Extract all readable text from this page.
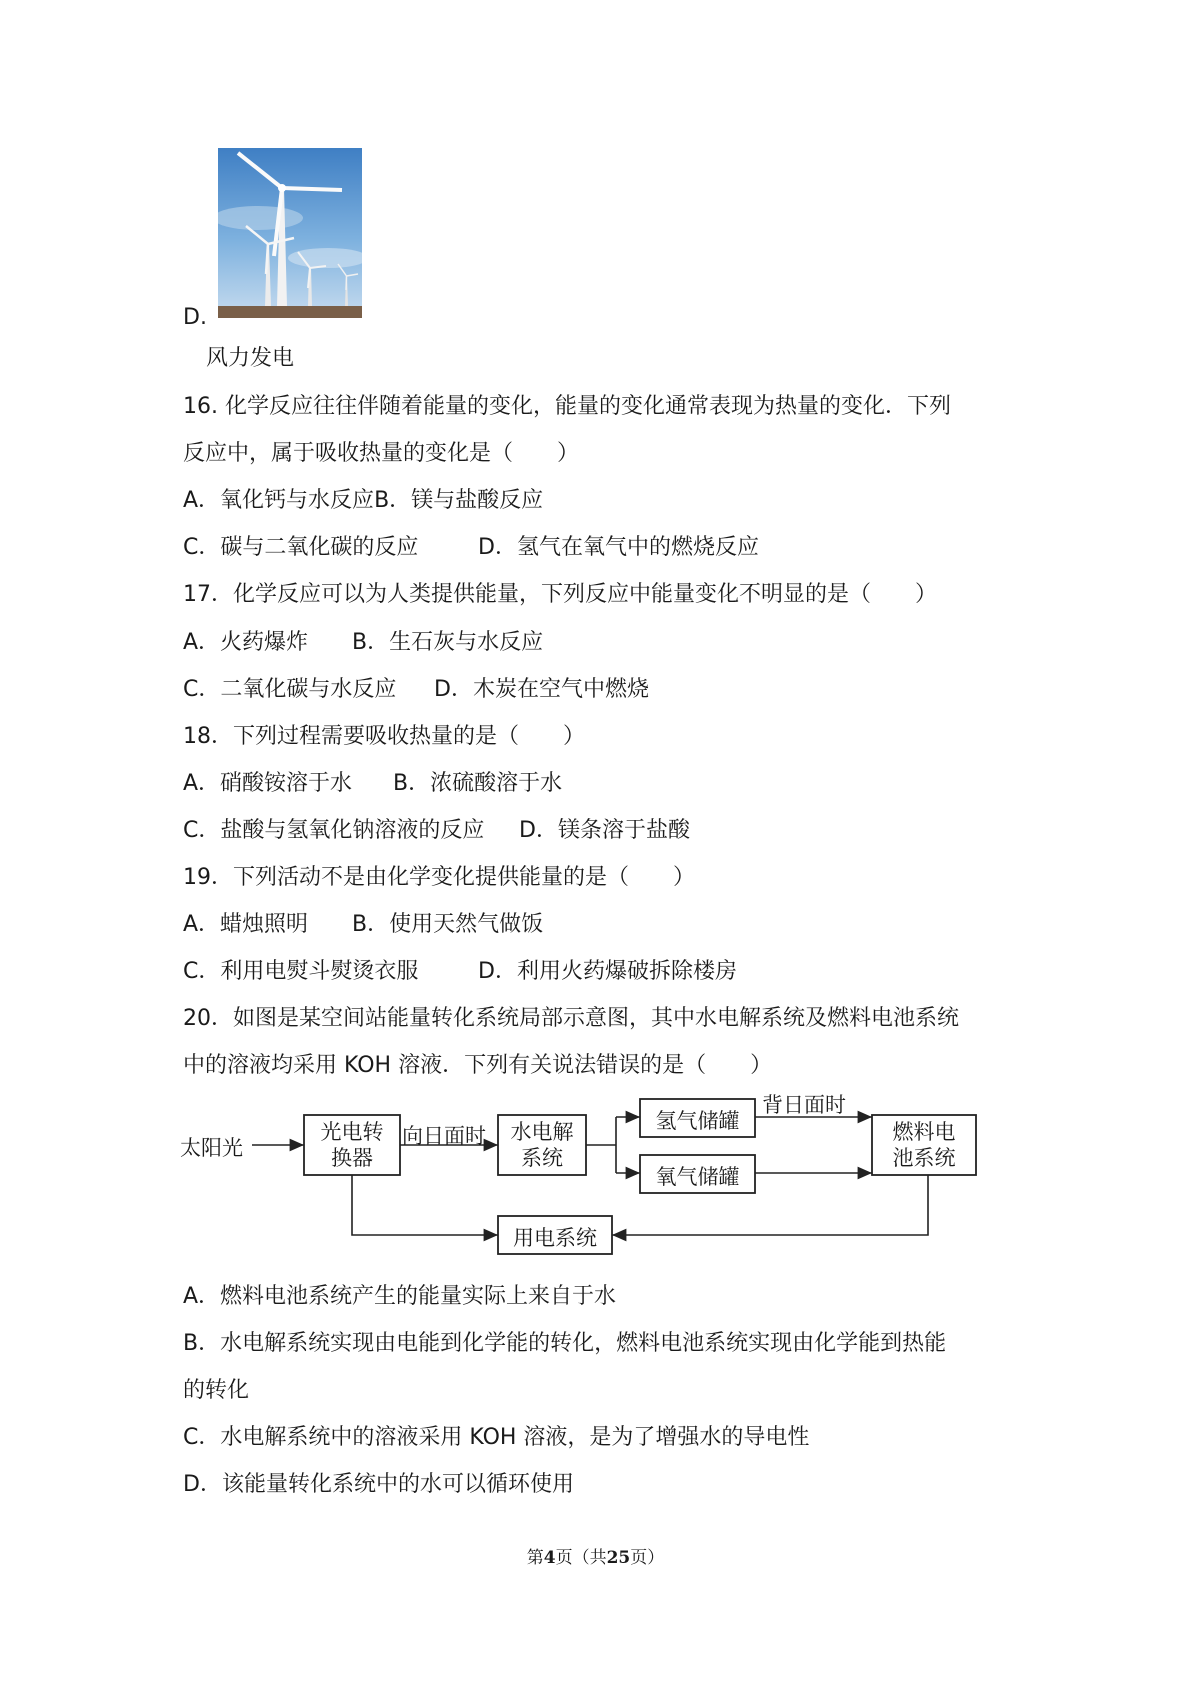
D.
风力发电
16. 化学反应往往伴随着能量的变化，能量的变化通常表现为热量的变化．下列
反应中，属于吸收热量的变化是（　　）
A．氧化钙与水反应B．镁与盐酸反应
C．碳与二氧化碳的反应	D．氢气在氧气中的燃烧反应
17．化学反应可以为人类提供能量，下列反应中能量变化不明显的是（　　）
A．火药爆炸 B．生石灰与水反应
C．二氧化碳与水反应 D．木炭在空气中燃烧
18．下列过程需要吸收热量的是（　　）
A．硝酸铵溶于水 B．浓硫酸溶于水
C．盐酸与氢氧化钠溶液的反应 D．镁条溶于盐酸
19．下列活动不是由化学变化提供能量的是（　　）
A．蜡烛照明 B．使用天然气做饭
C．利用电熨斗熨烫衣服	D．利用火药爆破拆除楼房
20．如图是某空间站能量转化系统局部示意图，其中水电解系统及燃料电池系统
中的溶液均采用 KOH 溶液．下列有关说法错误的是（　　）
太阳光
光电转
换器
向日面时	水电解
系统
氢气储罐
氧气储罐
背日面时
燃料电
池系统
用电系统
A．燃料电池系统产生的能量实际上来自于水
B．水电解系统实现由电能到化学能的转化，燃料电池系统实现由化学能到热能
的转化
C．水电解系统中的溶液采用 KOH 溶液，是为了增强水的导电性
D．该能量转化系统中的水可以循环使用
第4页（共25页）
